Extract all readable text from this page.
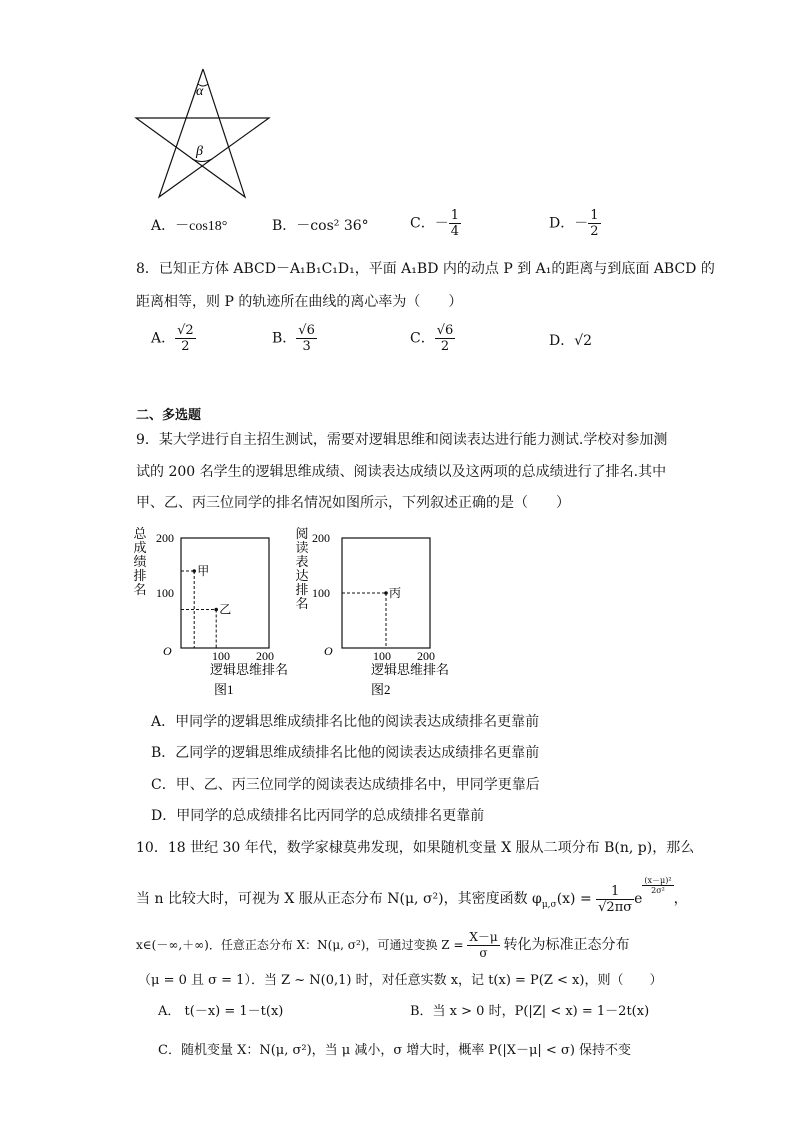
α
β
A．－cos18°	B．－cos² 36°	C．－ $\frac{1}{4}$	D．－ $\frac{1}{2}$
8．已知正方体 ABCD－A₁B₁C₁D₁，平面 A₁BD 内的动点 P 到 A₁的距离与到底面 ABCD 的
距离相等，则 P 的轨迹所在曲线的离心率为（　　）
A． $\frac{√2}{2}$	B． $\frac{√6}{3}$	C． $\frac{√6}{2}$	D．√2
二、多选题
9．某大学进行自主招生测试，需要对逻辑思维和阅读表达进行能力测试.学校对参加测
试的 200 名学生的逻辑思维成绩、阅读表达成绩以及这两项的总成绩进行了排名.其中
甲、乙、丙三位同学的排名情况如图所示，下列叙述正确的是（　　）
总成绩排名
200
100
O	100 200
逻辑思维排名
图1
甲
乙
阅读表达排名
200
100
O	100 200
逻辑思维排名
图2
丙
A．甲同学的逻辑思维成绩排名比他的阅读表达成绩排名更靠前
B．乙同学的逻辑思维成绩排名比他的阅读表达成绩排名更靠前
C．甲、乙、丙三位同学的阅读表达成绩排名中，甲同学更靠后
D．甲同学的总成绩排名比丙同学的总成绩排名更靠前
10．18 世纪 30 年代，数学家棣莫弗发现，如果随机变量 X 服从二项分布 B(n, p)，那么
当 n 比较大时，可视为 X 服从正态分布 N(μ, σ²)，其密度函数 $\varphi_{\mu,\sigma}(x) = \frac{1}{√2\pi\sigma}$ e
$\frac{\text{(x－μ)²}}{\text{2σ²}}$
，
x∈(－∞,＋∞)．任意正态分布 X：N(μ, σ²)，可通过变换 $Z = \frac{X-\mu}{\sigma}$ 转化为标准正态分布
（μ = 0 且 σ = 1）．当 Z ~ N(0,1) 时，对任意实数 x，记 t(x) = P(Z < x)，则（　　）
A． t(－x) = 1－t(x)	B．当 x > 0 时，P(|Z| < x) = 1－2t(x)
C．随机变量 X：N(μ, σ²)，当 μ 减小，σ 增大时，概率 P(|X－μ| < σ) 保持不变
